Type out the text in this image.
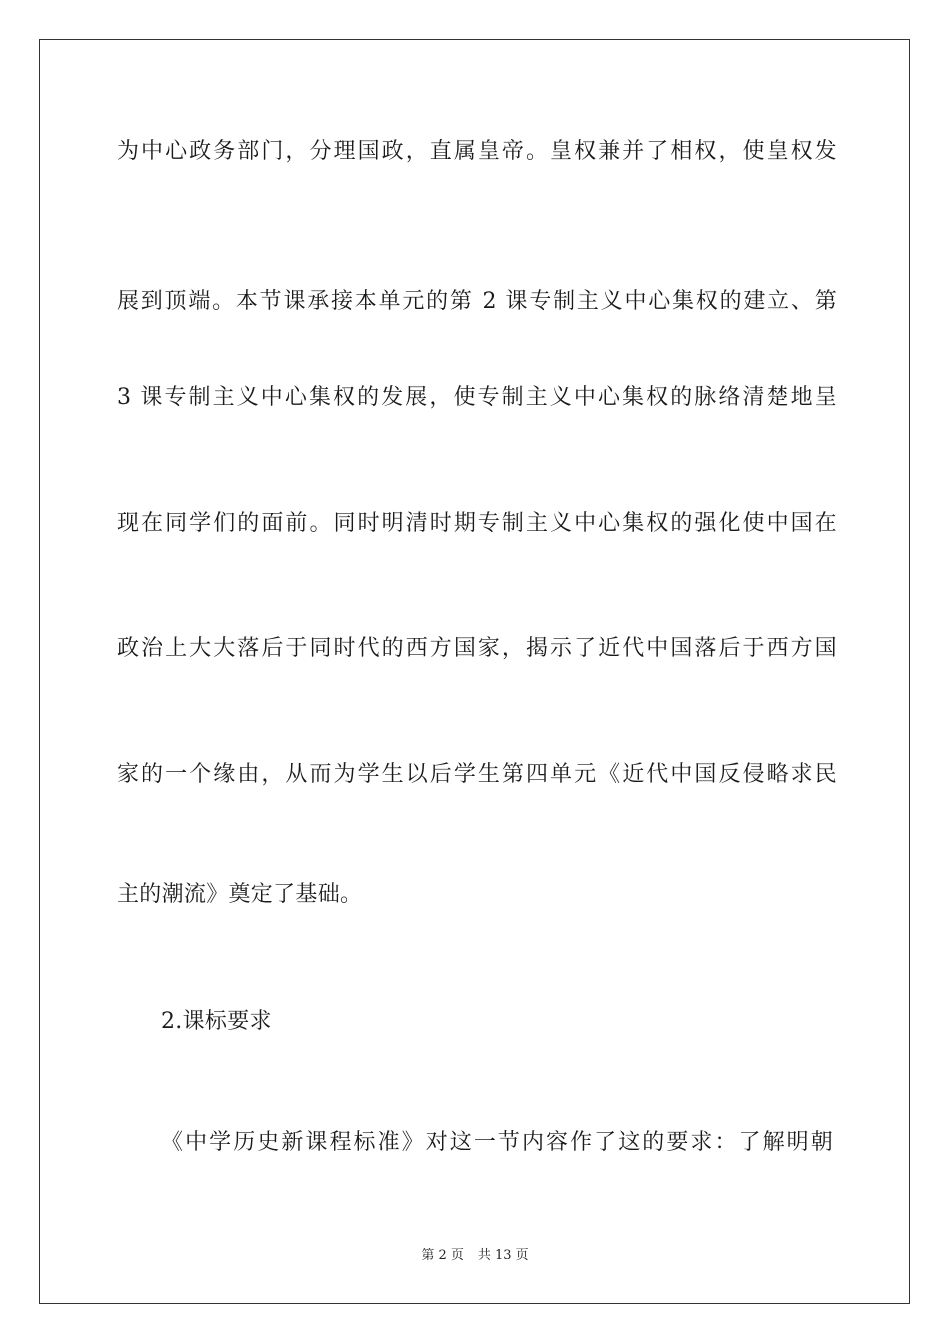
为中心政务部门，分理国政，直属皇帝。皇权兼并了相权，使皇权发
展到顶端。本节课承接本单元的第 2 课专制主义中心集权的建立、第
3 课专制主义中心集权的发展，使专制主义中心集权的脉络清楚地呈
现在同学们的面前。同时明清时期专制主义中心集权的强化使中国在
政治上大大落后于同时代的西方国家，揭示了近代中国落后于西方国
家的一个缘由，从而为学生以后学生第四单元《近代中国反侵略求民
主的潮流》奠定了基础。
2.课标要求
《中学历史新课程标准》对这一节内容作了这的要求：了解明朝
第 2 页 共 13 页
